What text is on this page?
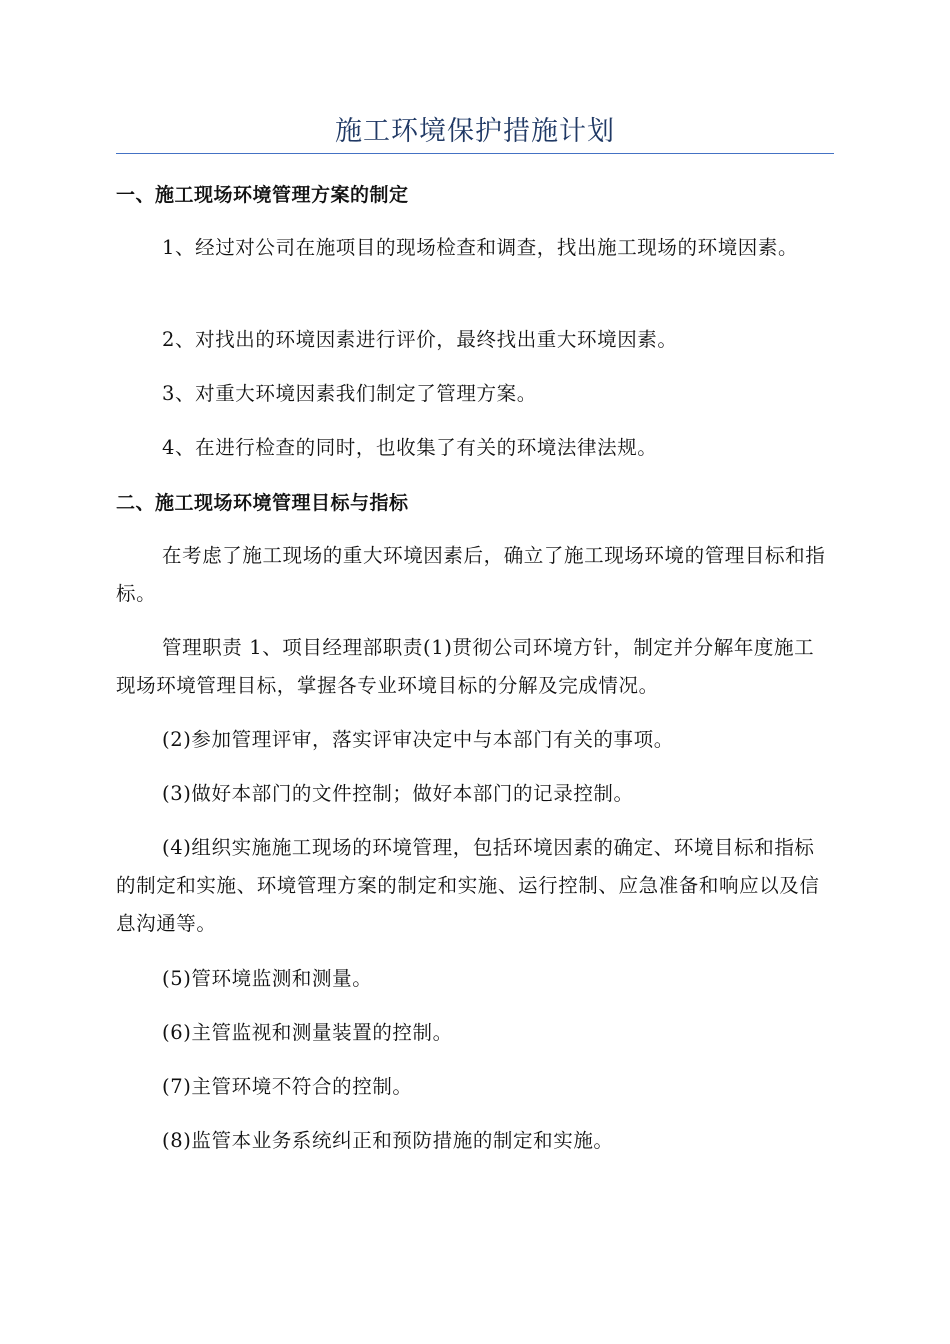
施工环境保护措施计划
一、施工现场环境管理方案的制定
1、经过对公司在施项目的现场检查和调查，找出施工现场的环境因素。
2、对找出的环境因素进行评价，最终找出重大环境因素。
3、对重大环境因素我们制定了管理方案。
4、在进行检查的同时，也收集了有关的环境法律法规。
二、施工现场环境管理目标与指标
在考虑了施工现场的重大环境因素后，确立了施工现场环境的管理目标和指标。
管理职责 1、项目经理部职责(1)贯彻公司环境方针，制定并分解年度施工现场环境管理目标，掌握各专业环境目标的分解及完成情况。
(2)参加管理评审，落实评审决定中与本部门有关的事项。
(3)做好本部门的文件控制；做好本部门的记录控制。
(4)组织实施施工现场的环境管理，包括环境因素的确定、环境目标和指标的制定和实施、环境管理方案的制定和实施、运行控制、应急准备和响应以及信息沟通等。
(5)管环境监测和测量。
(6)主管监视和测量装置的控制。
(7)主管环境不符合的控制。
(8)监管本业务系统纠正和预防措施的制定和实施。
